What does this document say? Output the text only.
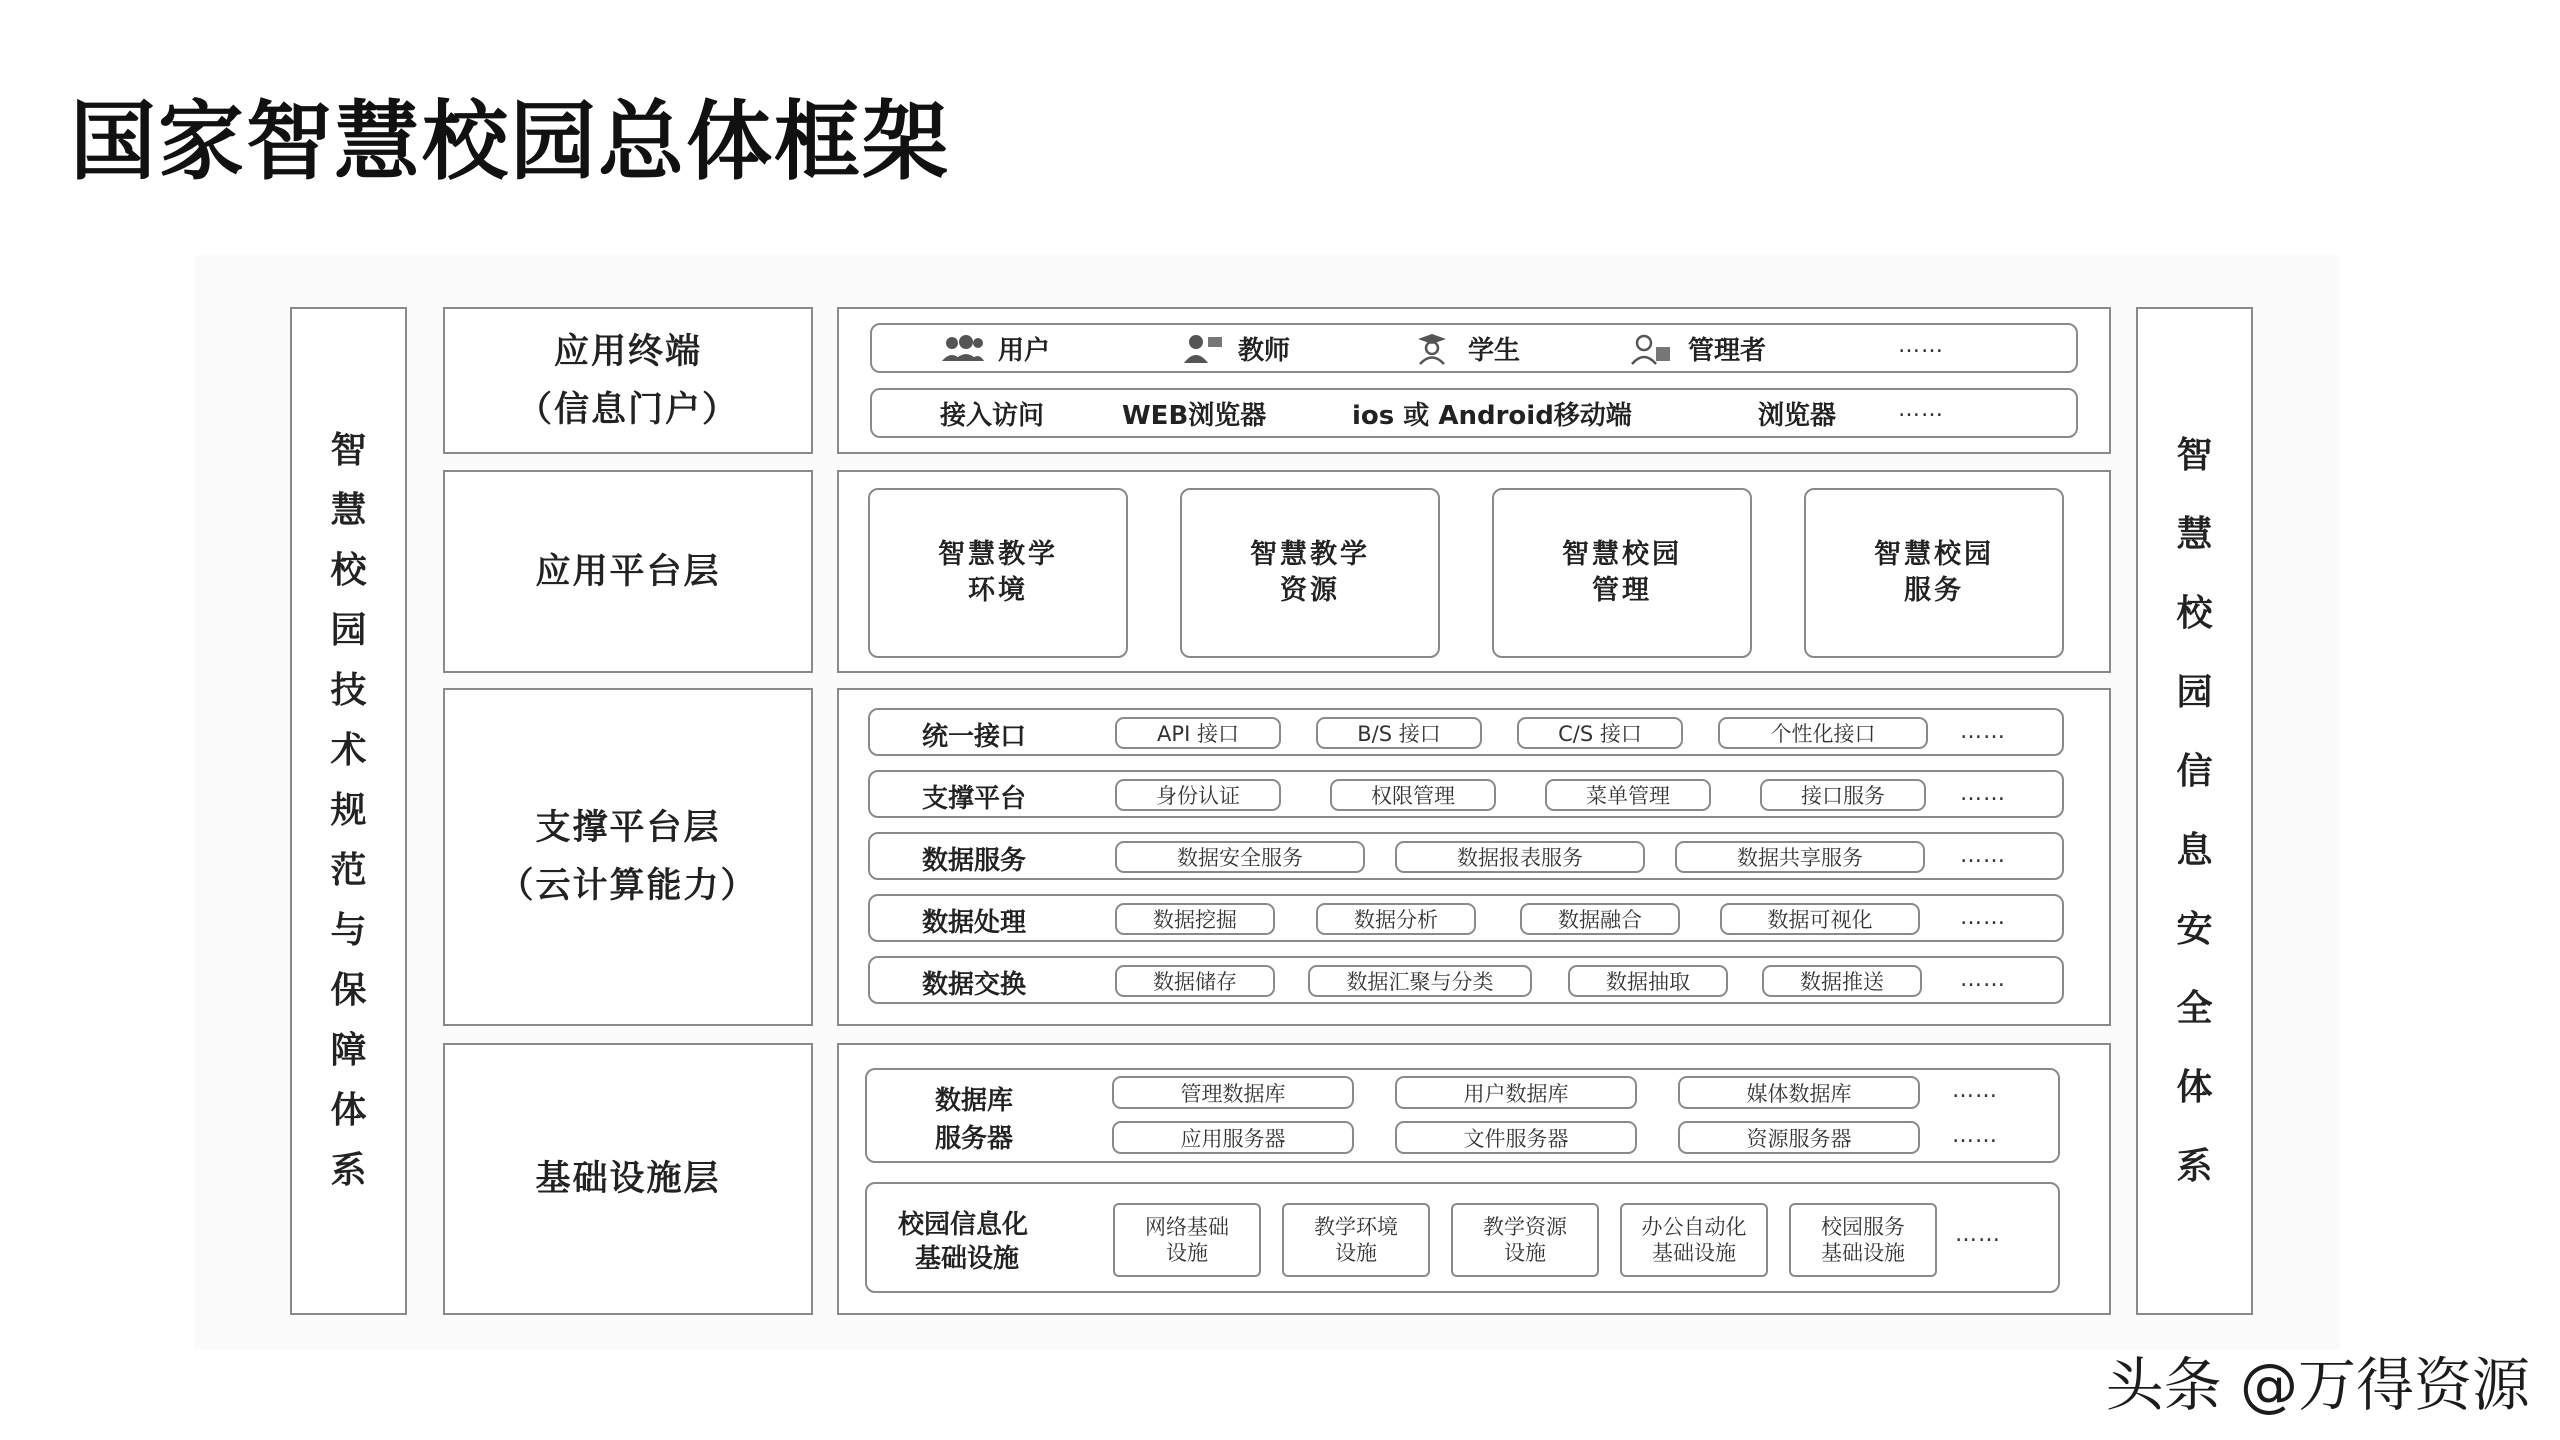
国家智慧校园总体框架
智
慧
校
园
技
术
规
范
与
保
障
体
系
智
慧
校
园
信
息
安
全
体
系
应用终端
（信息门户）
应用平台层
支撑平台层
（云计算能力）
基础设施层
用户	教师	学生	管理者	……
接入访问	WEB浏览器	ios 或 Android移动端	浏览器	……
智慧教学
环境
智慧教学
资源
智慧校园
管理
智慧校园
服务
统一接口	API 接口	B/S 接口	C/S 接口	个性化接口	……
支撑平台	身份认证	权限管理	菜单管理	接口服务	……
数据服务	数据安全服务	数据报表服务	数据共享服务	……
数据处理	数据挖掘	数据分析	数据融合	数据可视化	……
数据交换	数据储存	数据汇聚与分类	数据抽取	数据推送	……
数据库
服务器
管理数据库	用户数据库	媒体数据库	……
应用服务器	文件服务器	资源服务器	……
校园信息化
基础设施
网络基础
设施
教学环境
设施
教学资源
设施
办公自动化
基础设施
校园服务
基础设施
……
头条 @万得资源
